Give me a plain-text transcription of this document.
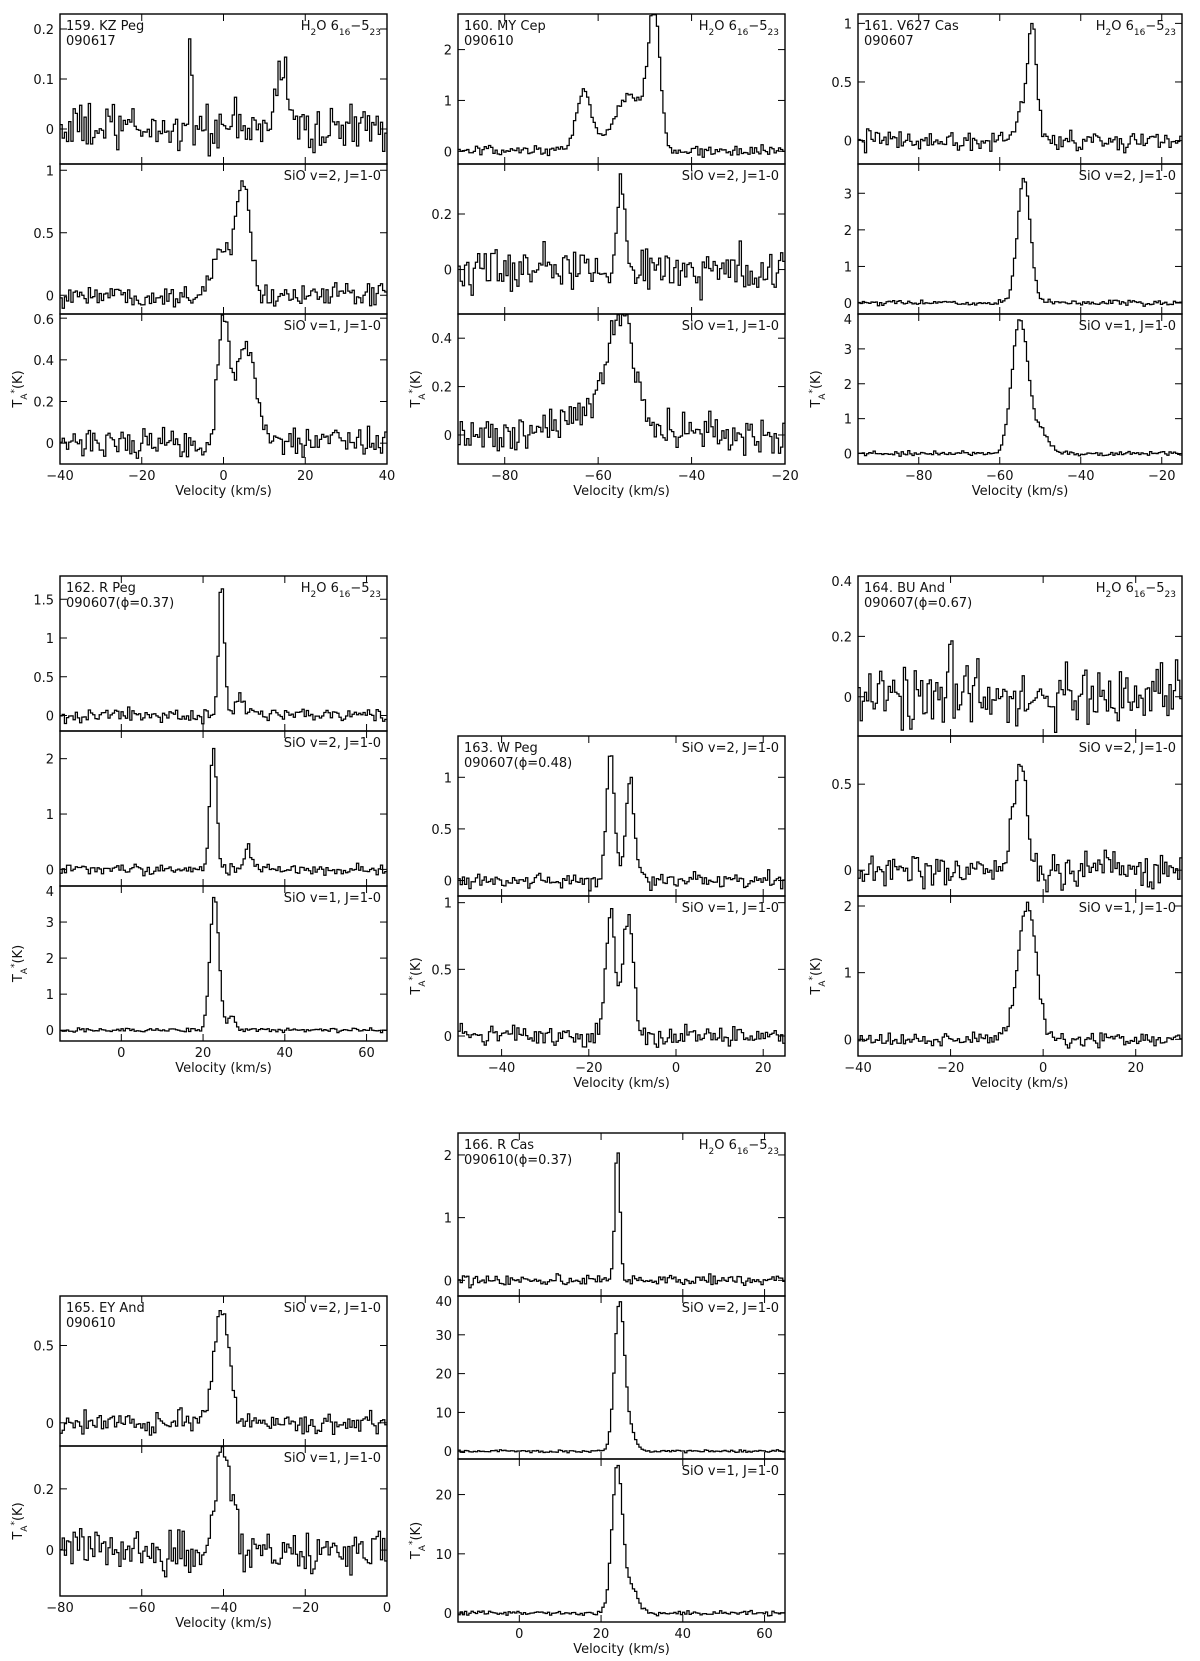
0
0.1
0.2	$H_2O$ $6_{16}-5_{23}$
159. KZ Peg
090617
0
0.5
1	SiO v=2, J=1-0
0
0.2
0.4
0.6	SiO v=1, J=1-0
$T_A^*(K)$
−40	−20	0	20	40
Velocity (km/s)
0
1
2
$H_2O$ $6_{16}-5_{23}$
160. MY Cep
090610
0
0.2
SiO v=2, J=1-0
0
0.2
0.4
SiO v=1, J=1-0
$T_A^*(K)$
−80	−60	−40	−20
Velocity (km/s)
0
0.5
1	$H_2O$ $6_{16}-5_{23}$
161. V627 Cas
090607
0
1
2
3
SiO v=2, J=1-0
0
1
2
3
4	SiO v=1, J=1-0
$T_A^*(K)$
−80	−60	−40	−20
Velocity (km/s)
0
0.5
1
1.5
$H_2O$ $6_{16}-5_{23}$
162. R Peg
090607(ϕ=0.37)
0
1
2
SiO v=2, J=1-0
0
1
2
3
4	SiO v=1, J=1-0
$T_A^*(K)$
0	20	40	60
Velocity (km/s)
0
0.5
1
SiO v=2, J=1-0
163. W Peg
090607(ϕ=0.48)
0
0.5
1	SiO v=1, J=1-0
$T_A^*(K)$
−40	−20	0	20
Velocity (km/s)
0
0.2
0.4	$H_2O$ $6_{16}-5_{23}$
164. BU And
090607(ϕ=0.67)
0
0.5
SiO v=2, J=1-0
0
1
2	SiO v=1, J=1-0
$T_A^*(K)$
−40	−20	0	20
Velocity (km/s)
0
0.5
SiO v=2, J=1-0
165. EY And
090610
0
0.2
SiO v=1, J=1-0
$T_A^*(K)$
−80	−60	−40	−20	0
Velocity (km/s)
0
1
2
$H_2O$ $6_{16}-5_{23}$
166. R Cas
090610(ϕ=0.37)
0
10
20
30
40	SiO v=2, J=1-0
0
10
20
SiO v=1, J=1-0
$T_A^*(K)$
0	20	40	60
Velocity (km/s)
